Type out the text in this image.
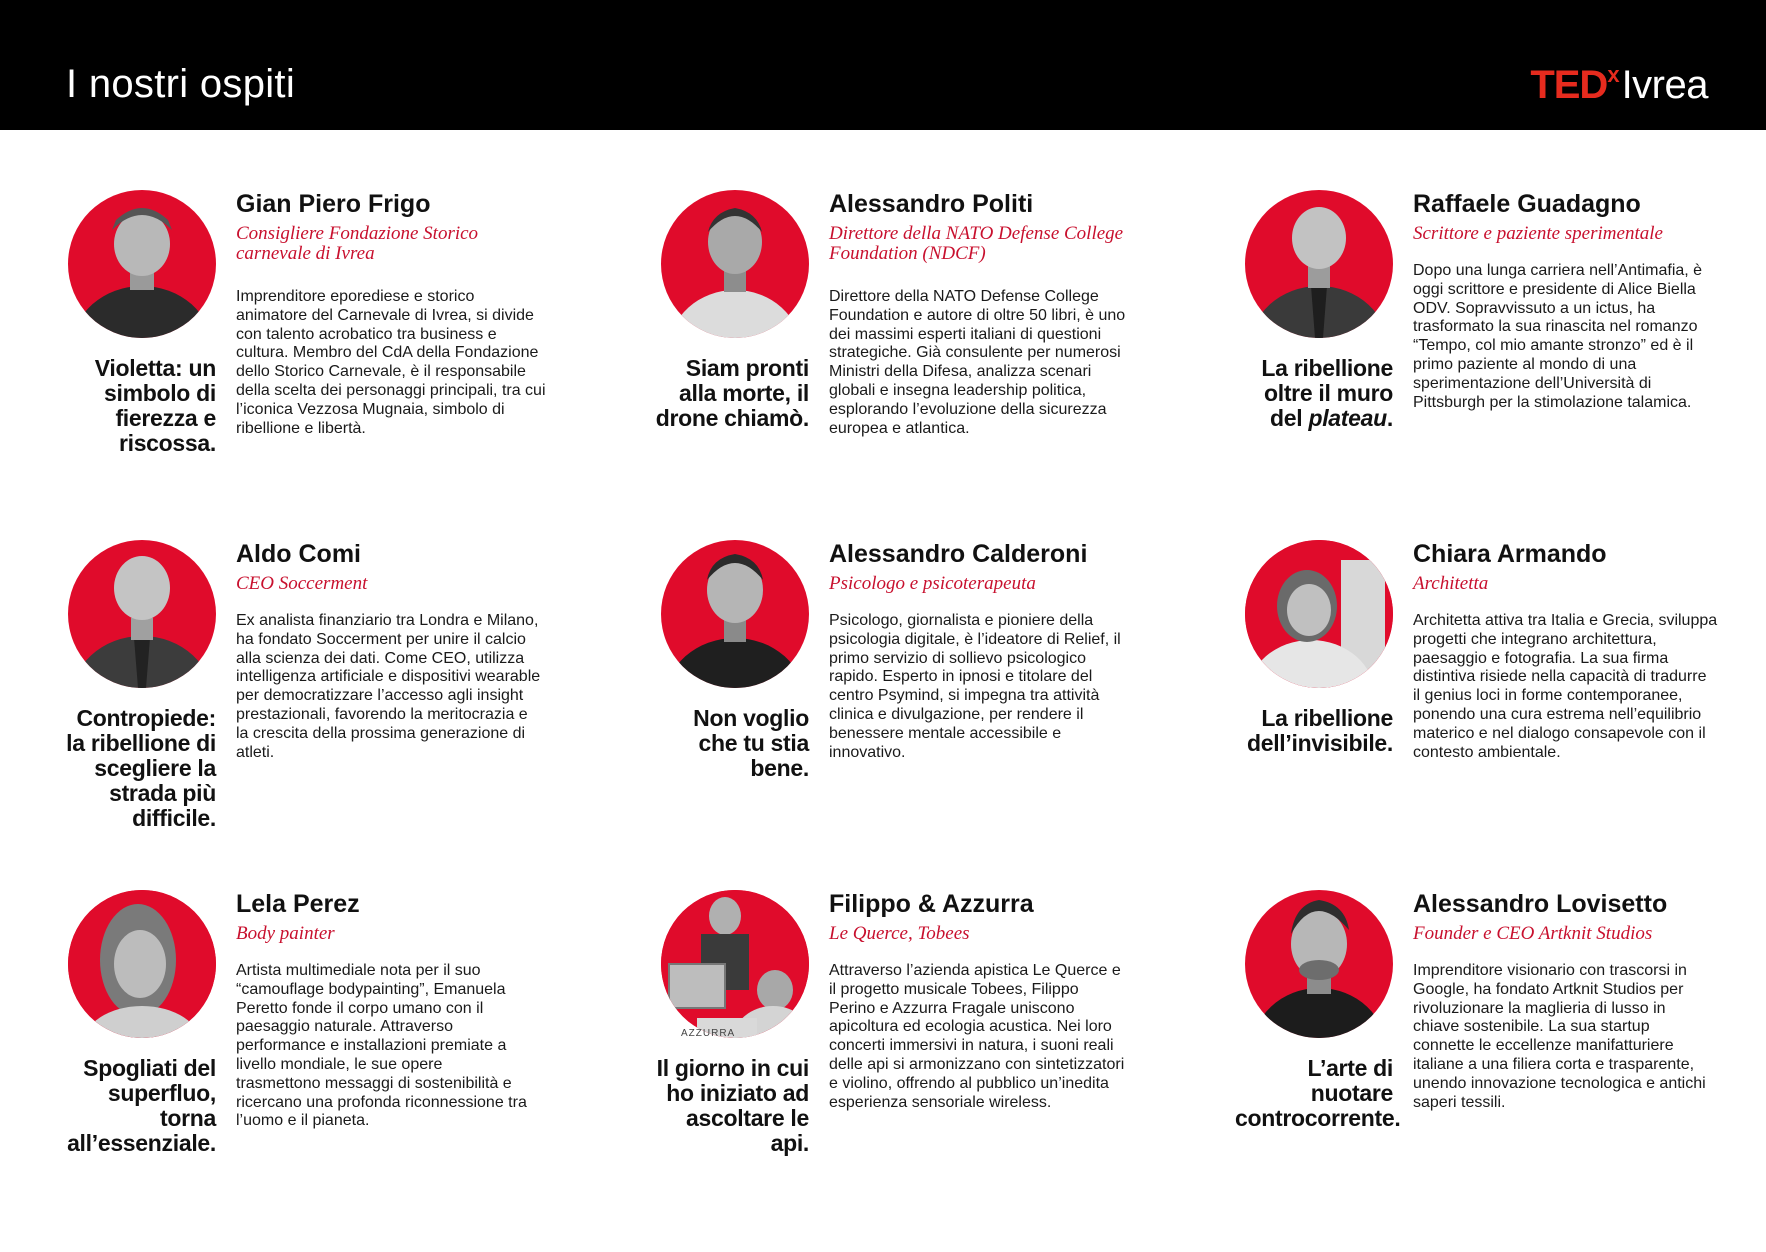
I nostri ospiti	TEDxIvrea
Violetta: un simbolo di fierezza e riscossa.
Gian Piero Frigo
Consigliere Fondazione Storico carnevale di Ivrea
Imprenditore eporediese e storico animatore del Carnevale di Ivrea, si divide con talento acrobatico tra business e cultura. Membro del CdA della Fondazione dello Storico Carnevale, è il responsabile della scelta dei personaggi principali, tra cui l’iconica Vezzosa Mugnaia, simbolo di ribellione e libertà.
Siam pronti alla morte, il drone chiamò.
Alessandro Politi
Direttore della NATO Defense College Foundation (NDCF)
Direttore della NATO Defense College Foundation e autore di oltre 50 libri, è uno dei massimi esperti italiani di questioni strategiche. Già consulente per numerosi Ministri della Difesa, analizza scenari globali e insegna leadership politica, esplorando l’evoluzione della sicurezza europea e atlantica.
La ribellione oltre il muro del plateau.
Raffaele Guadagno
Scrittore e paziente sperimentale
Dopo una lunga carriera nell’Antimafia, è oggi scrittore e presidente di Alice Biella ODV. Sopravvissuto a un ictus, ha trasformato la sua rinascita nel romanzo “Tempo, col mio amante stronzo” ed è il primo paziente al mondo di una sperimentazione dell’Università di Pittsburgh per la stimolazione talamica.
Contropiede: la ribellione di scegliere la strada più difficile.
Aldo Comi
CEO Soccerment
Ex analista finanziario tra Londra e Milano, ha fondato Soccerment per unire il calcio alla scienza dei dati. Come CEO, utilizza intelligenza artificiale e dispositivi wearable per democratizzare l’accesso agli insight prestazionali, favorendo la meritocrazia e la crescita della prossima generazione di atleti.
Non voglio che tu stia bene.
Alessandro Calderoni
Psicologo e psicoterapeuta
Psicologo, giornalista e pioniere della psicologia digitale, è l’ideatore di Relief, il primo servizio di sollievo psicologico rapido. Esperto in ipnosi e titolare del centro Psymind, si impegna tra attività clinica e divulgazione, per rendere il benessere mentale accessibile e innovativo.
La ribellione dell’invisibile.
Chiara Armando
Architetta
Architetta attiva tra Italia e Grecia, sviluppa progetti che integrano architettura, paesaggio e fotografia. La sua firma distintiva risiede nella capacità di tradurre il genius loci in forme contemporanee, ponendo una cura estrema nell’equilibrio materico e nel dialogo consapevole con il contesto ambientale.
Spogliati del superfluo, torna all’essenziale.
Lela Perez
Body painter
Artista multimediale nota per il suo “camouflage bodypainting”, Emanuela Peretto fonde il corpo umano con il paesaggio naturale. Attraverso performance e installazioni premiate a livello mondiale, le sue opere trasmettono messaggi di sostenibilità e ricercano una profonda riconnessione tra l’uomo e il pianeta.
AZZURRA
Il giorno in cui ho iniziato ad ascoltare le api.
Filippo & Azzurra
Le Querce, Tobees
Attraverso l’azienda apistica Le Querce e il progetto musicale Tobees, Filippo Perino e Azzurra Fragale uniscono apicoltura ed ecologia acustica. Nei loro concerti immersivi in natura, i suoni reali delle api si armonizzano con sintetizzatori e violino, offrendo al pubblico un’inedita esperienza sensoriale wireless.
L’arte di nuotare controcorrente.
Alessandro Lovisetto
Founder e CEO Artknit Studios
Imprenditore visionario con trascorsi in Google, ha fondato Artknit Studios per rivoluzionare la maglieria di lusso in chiave sostenibile. La sua startup connette le eccellenze manifatturiere italiane a una filiera corta e trasparente, unendo innovazione tecnologica e antichi saperi tessili.
